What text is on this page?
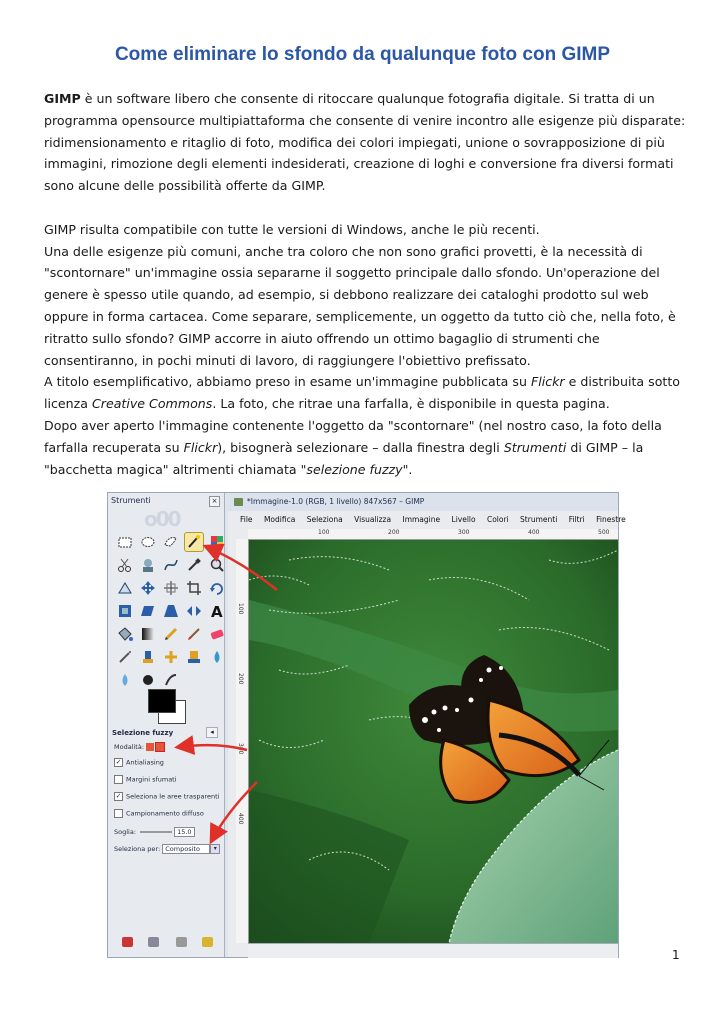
Come eliminare lo sfondo da qualunque foto con GIMP

GIMP è un software libero che consente di ritoccare qualunque fotografia digitale. Si tratta di un programma opensource multipiattaforma che consente di venire incontro alle esigenze più disparate: ridimensionamento e ritaglio di foto, modifica dei colori impiegati, unione o sovrapposizione di più immagini, rimozione degli elementi indesiderati, creazione di loghi e conversione fra diversi formati sono alcune delle possibilità offerte da GIMP.

GIMP risulta compatibile con tutte le versioni di Windows, anche le più recenti.

Una delle esigenze più comuni, anche tra coloro che non sono grafici provetti, è la necessità di "scontornare" un'immagine ossia separarne il soggetto principale dallo sfondo. Un'operazione del genere è spesso utile quando, ad esempio, si debbono realizzare dei cataloghi prodotto sul web oppure in forma cartacea. Come separare, semplicemente, un oggetto da tutto ciò che, nella foto, è ritratto sullo sfondo? GIMP accorre in aiuto offrendo un ottimo bagaglio di strumenti che consentiranno, in pochi minuti di lavoro, di raggiungere l'obiettivo prefissato.

A titolo esemplificativo, abbiamo preso in esame un'immagine pubblicata su Flickr e distribuita sotto licenza Creative Commons. La foto, che ritrae una farfalla, è disponibile in questa pagina.

Dopo aver aperto l'immagine contenente l'oggetto da "scontornare" (nel nostro caso, la foto della farfalla recuperata su Flickr), bisognerà selezionare – dalla finestra degli Strumenti di GIMP – la "bacchetta magica" altrimenti chiamata "selezione fuzzy".

Strumenti	×
o00
A
Selezione fuzzy	◂
Modalità:
✓ Antialiasing
Margini sfumati
✓ Seleziona le aree trasparenti
Campionamento diffuso
Soglia:	15.0
Seleziona per: Composito ▾
*Immagine-1.0 (RGB, 1 livello) 847x567 – GIMP
File Modifica Seleziona Visualizza Immagine Livello Colori Strumenti Filtri Finestre
100	200	300	400	500
100
200
300
400
1
